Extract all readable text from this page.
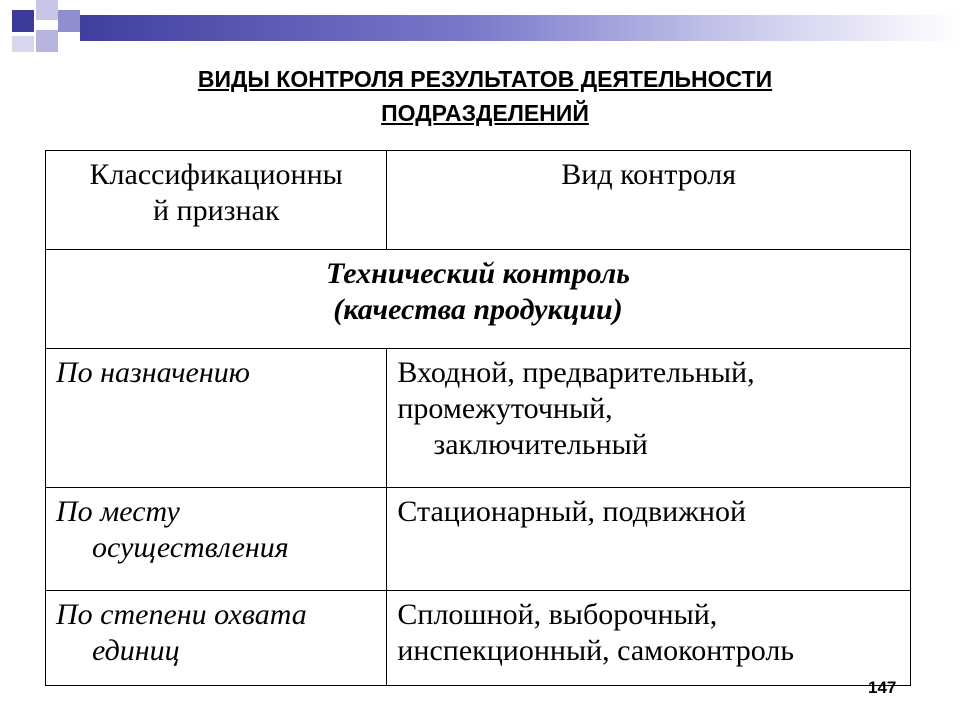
ВИДЫ КОНТРОЛЯ РЕЗУЛЬТАТОВ ДЕЯТЕЛЬНОСТИ
ПОДРАЗДЕЛЕНИЙ
Классификационны
й признак	Вид контроля

Технический контроль
(качества продукции)	

По назначению	Входной, предварительный,
промежуточный,
заключительный

По месту
осуществления	Стационарный, подвижной

По степени охвата
единиц	Сплошной, выборочный,
инспекционный, самоконтроль
147
